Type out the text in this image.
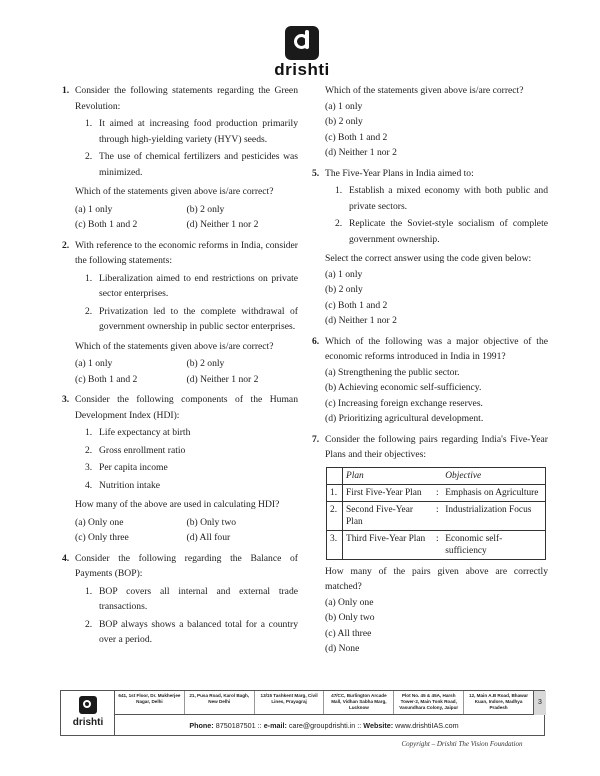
drishti
1. Consider the following statements regarding the Green Revolution:
1. It aimed at increasing food production primarily through high-yielding variety (HYV) seeds.
2. The use of chemical fertilizers and pesticides was minimized.
Which of the statements given above is/are correct?
(a) 1 only	(b) 2 only
(c) Both 1 and 2	(d) Neither 1 nor 2
2. With reference to the economic reforms in India, consider the following statements:
1. Liberalization aimed to end restrictions on private sector enterprises.
2. Privatization led to the complete withdrawal of government ownership in public sector enterprises.
Which of the statements given above is/are correct?
(a) 1 only	(b) 2 only
(c) Both 1 and 2	(d) Neither 1 nor 2
3. Consider the following components of the Human Development Index (HDI):
1. Life expectancy at birth
2. Gross enrollment ratio
3. Per capita income
4. Nutrition intake
How many of the above are used in calculating HDI?
(a) Only one	(b) Only two
(c) Only three	(d) All four
4. Consider the following regarding the Balance of Payments (BOP):
1. BOP covers all internal and external trade transactions.
2. BOP always shows a balanced total for a country over a period.
Which of the statements given above is/are correct?
(a) 1 only
(b) 2 only
(c) Both 1 and 2
(d) Neither 1 nor 2
5. The Five-Year Plans in India aimed to:
1. Establish a mixed economy with both public and private sectors.
2. Replicate the Soviet-style socialism of complete government ownership.
Select the correct answer using the code given below:
(a) 1 only
(b) 2 only
(c) Both 1 and 2
(d) Neither 1 nor 2
6. Which of the following was a major objective of the economic reforms introduced in India in 1991?
(a) Strengthening the public sector.
(b) Achieving economic self-sufficiency.
(c) Increasing foreign exchange reserves.
(d) Prioritizing agricultural development.
7. Consider the following pairs regarding India's Five-Year Plans and their objectives:
	Plan		Objective
1.	First Five-Year Plan	:	Emphasis on Agriculture
2.	Second Five-Year Plan	:	Industrialization Focus
3.	Third Five-Year Plan	:	Economic self-sufficiency
How many of the pairs given above are correctly matched?
(a) Only one
(b) Only two
(c) All three
(d) None
drishti
641, 1st Floor, Dr. Mukherjee Nagar, Delhi
21, Pusa Road, Karol Bagh, New Delhi
13/15 Tashkent Marg, Civil Lines, Prayagraj
47/CC, Burlington Arcade Mall, Vidhan Sabha Marg, Lucknow
Plot No. 45 & 45A, Harsh Tower-2, Main Tonk Road, Vasundhara Colony, Jaipur
12, Main A.B Road, Bhawar Kuan, Indore, Madhya Pradesh
Phone: 8750187501 :: e-mail: care@groupdrishti.in :: Website: www.drishtiIAS.com
3
Copyright – Drishti The Vision Foundation
